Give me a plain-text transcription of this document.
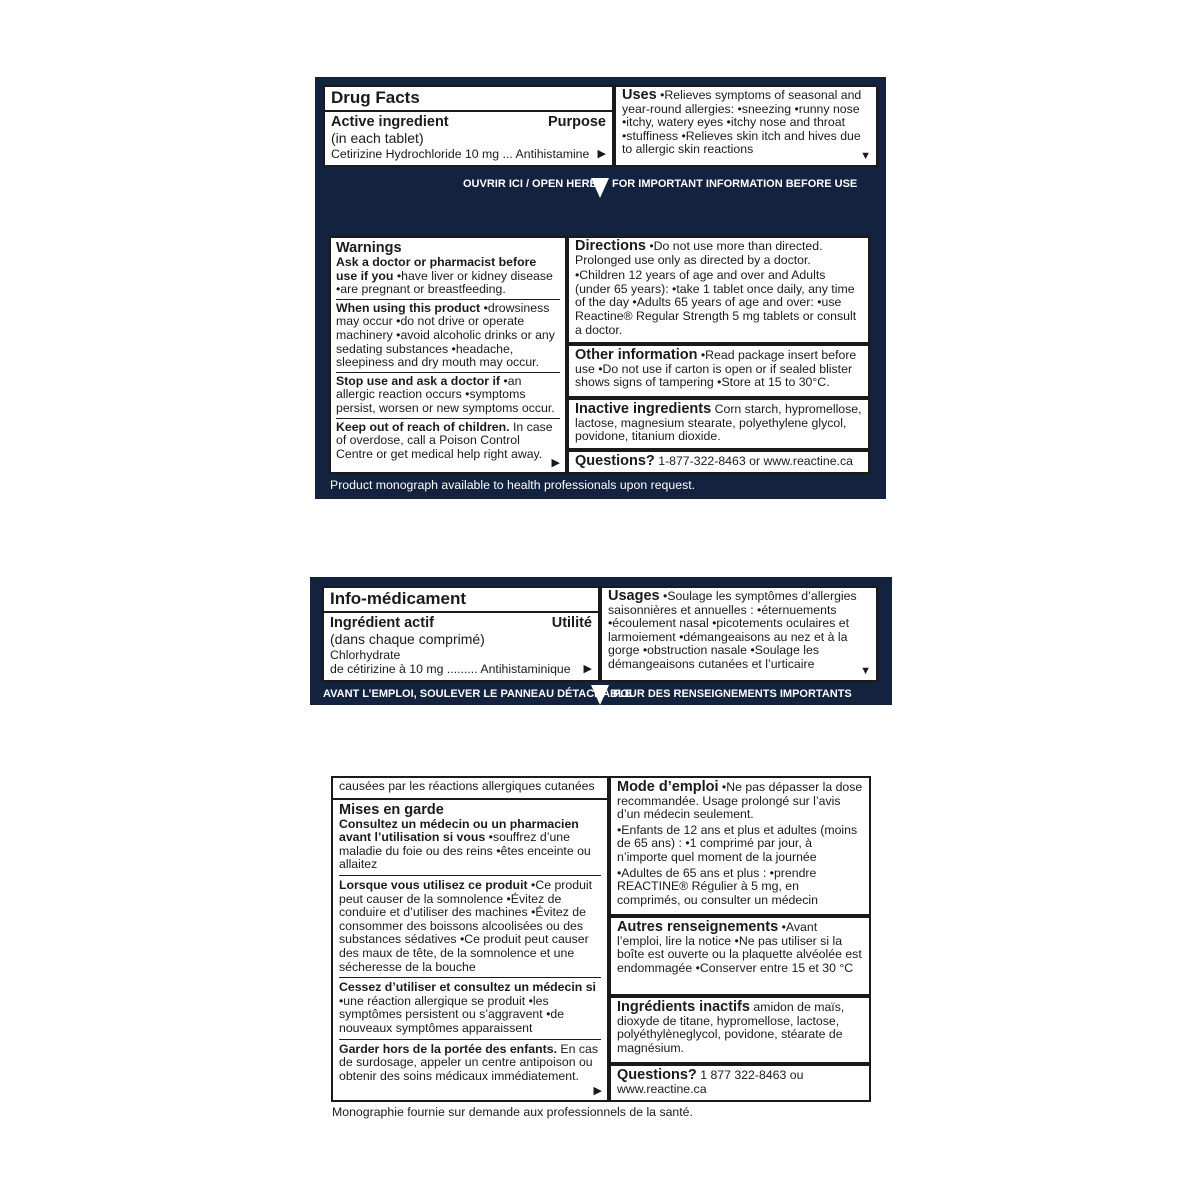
Drug Facts
Active ingredient	Purpose
(in each tablet)
Cetirizine Hydrochloride 10 mg ... Antihistamine ▶
Uses •Relieves symptoms of seasonal and year-round allergies: •sneezing •runny nose •itchy, watery eyes •itchy nose and throat •stuffiness •Relieves skin itch and hives due to allergic skin reactions	▼
OUVRIR ICI / OPEN HERE FOR IMPORTANT INFORMATION BEFORE USE
Warnings
Ask a doctor or pharmacist before use if you •have liver or kidney disease •are pregnant or breastfeeding.
When using this product •drowsiness may occur •do not drive or operate machinery •avoid alcoholic drinks or any sedating substances •headache, sleepiness and dry mouth may occur.
Stop use and ask a doctor if •an allergic reaction occurs •symptoms persist, worsen or new symptoms occur.
Keep out of reach of children. In case of overdose, call a Poison Control Centre or get medical help right away.
▶
Directions •Do not use more than directed. Prolonged use only as directed by a doctor.
•Children 12 years of age and over and Adults (under 65 years): •take 1 tablet once daily, any time of the day •Adults 65 years of age and over: •use Reactine® Regular Strength 5 mg tablets or consult a doctor.
Other information •Read package insert before use •Do not use if carton is open or if sealed blister shows signs of tampering •Store at 15 to 30°C.
Inactive ingredients Corn starch, hypromellose, lactose, magnesium stearate, polyethylene glycol, povidone, titanium dioxide.
Questions? 1-877-322-8463 or www.reactine.ca
Product monograph available to health professionals upon request.
Info-médicament
Ingrédient actif	Utilité
(dans chaque comprimé)
Chlorhydrate
de cétirizine à 10 mg ......... Antihistaminique ▶
Usages •Soulage les symptômes d’allergies saisonnières et annuelles : •éternuements •écoulement nasal •picotements oculaires et larmoiement •démangeaisons au nez et à la gorge •obstruction nasale •Soulage les démangeaisons cutanées et l’urticaire
▼
AVANT L’EMPLOI, SOULEVER LE PANNEAU DÉTACHABLE
POUR DES RENSEIGNEMENTS IMPORTANTS
causées par les réactions allergiques cutanées
Mises en garde
Consultez un médecin ou un pharmacien avant l’utilisation si vous •souffrez d’une maladie du foie ou des reins •êtes enceinte ou allaitez
Lorsque vous utilisez ce produit •Ce produit peut causer de la somnolence •Évitez de conduire et d’utiliser des machines •Évitez de consommer des boissons alcoolisées ou des substances sédatives •Ce produit peut causer des maux de tête, de la somnolence et une sécheresse de la bouche
Cessez d’utiliser et consultez un médecin si •une réaction allergique se produit •les symptômes persistent ou s’aggravent •de nouveaux symptômes apparaissent
Garder hors de la portée des enfants. En cas de surdosage, appeler un centre antipoison ou obtenir des soins médicaux immédiatement.
▶
Mode d’emploi •Ne pas dépasser la dose recommandée. Usage prolongé sur l’avis d’un médecin seulement.
•Enfants de 12 ans et plus et adultes (moins de 65 ans) : •1 comprimé par jour, à n’importe quel moment de la journée
•Adultes de 65 ans et plus : •prendre REACTINE® Régulier à 5 mg, en comprimés, ou consulter un médecin
Autres renseignements •Avant l’emploi, lire la notice •Ne pas utiliser si la boîte est ouverte ou la plaquette alvéolée est endommagée •Conserver entre 15 et 30 °C
Ingrédients inactifs amidon de maïs, dioxyde de titane, hypromellose, lactose, polyéthylèneglycol, povidone, stéarate de magnésium.
Questions? 1 877 322-8463 ou www.reactine.ca
Monographie fournie sur demande aux professionnels de la santé.
